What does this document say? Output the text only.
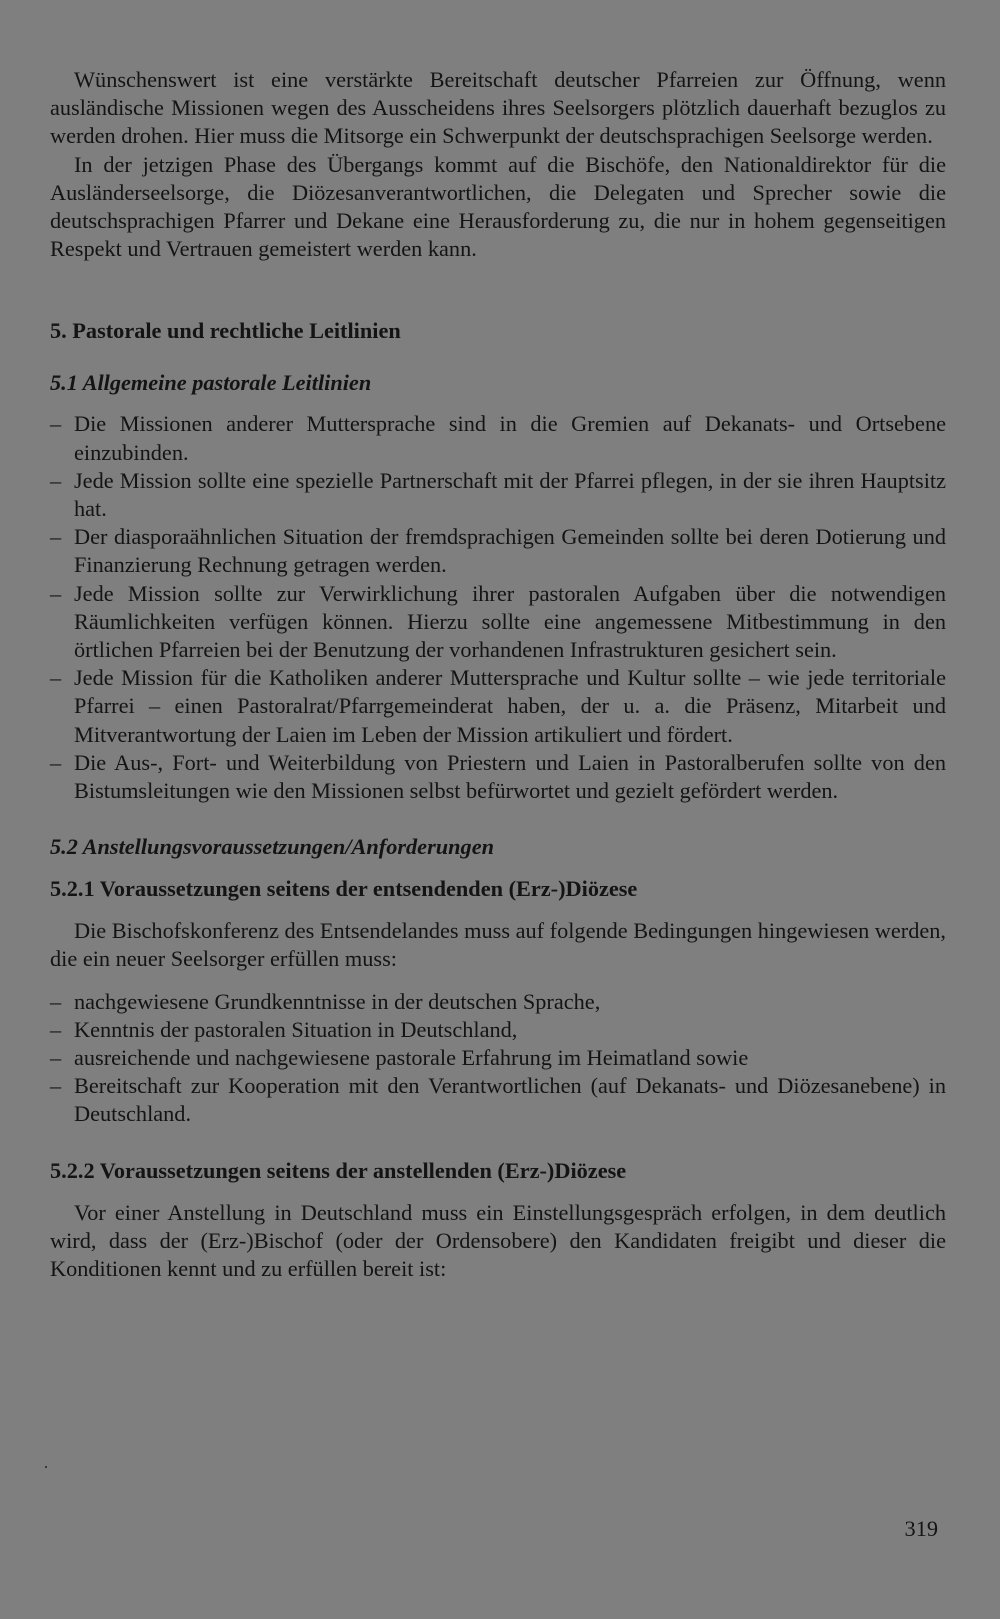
Wünschenswert ist eine verstärkte Bereitschaft deutscher Pfarreien zur Öffnung, wenn ausländische Missionen wegen des Ausscheidens ihres Seelsorgers plötzlich dauerhaft bezuglos zu werden drohen. Hier muss die Mitsorge ein Schwerpunkt der deutschsprachigen Seelsorge werden.

In der jetzigen Phase des Übergangs kommt auf die Bischöfe, den Nationaldirektor für die Ausländerseelsorge, die Diözesanverantwortlichen, die Delegaten und Sprecher sowie die deutschsprachigen Pfarrer und Dekane eine Herausforderung zu, die nur in hohem gegenseitigen Respekt und Vertrauen gemeistert werden kann.

5. Pastorale und rechtliche Leitlinien
5.1 Allgemeine pastorale Leitlinien
– Die Missionen anderer Muttersprache sind in die Gremien auf Dekanats- und Ortsebene einzubinden.
– Jede Mission sollte eine spezielle Partnerschaft mit der Pfarrei pflegen, in der sie ihren Hauptsitz hat.
– Der diasporaähnlichen Situation der fremdsprachigen Gemeinden sollte bei deren Dotierung und Finanzierung Rechnung getragen werden.
– Jede Mission sollte zur Verwirklichung ihrer pastoralen Aufgaben über die notwendigen Räumlichkeiten verfügen können. Hierzu sollte eine angemessene Mitbestimmung in den örtlichen Pfarreien bei der Benutzung der vorhandenen Infrastrukturen gesichert sein.
– Jede Mission für die Katholiken anderer Muttersprache und Kultur sollte – wie jede territoriale Pfarrei – einen Pastoralrat/Pfarrgemeinderat haben, der u. a. die Präsenz, Mitarbeit und Mitverantwortung der Laien im Leben der Mission artikuliert und fördert.
– Die Aus-, Fort- und Weiterbildung von Priestern und Laien in Pastoralberufen sollte von den Bistumsleitungen wie den Missionen selbst befürwortet und gezielt gefördert werden.
5.2 Anstellungsvoraussetzungen/Anforderungen
5.2.1 Voraussetzungen seitens der entsendenden (Erz-)Diözese

Die Bischofskonferenz des Entsendelandes muss auf folgende Bedingungen hingewiesen werden, die ein neuer Seelsorger erfüllen muss:

– nachgewiesene Grundkenntnisse in der deutschen Sprache,
– Kenntnis der pastoralen Situation in Deutschland,
– ausreichende und nachgewiesene pastorale Erfahrung im Heimatland sowie
– Bereitschaft zur Kooperation mit den Verantwortlichen (auf Dekanats- und Diözesanebene) in Deutschland.
5.2.2 Voraussetzungen seitens der anstellenden (Erz-)Diözese

Vor einer Anstellung in Deutschland muss ein Einstellungsgespräch erfolgen, in dem deutlich wird, dass der (Erz-)Bischof (oder der Ordensobere) den Kandidaten freigibt und dieser die Konditionen kennt und zu erfüllen bereit ist:

319
